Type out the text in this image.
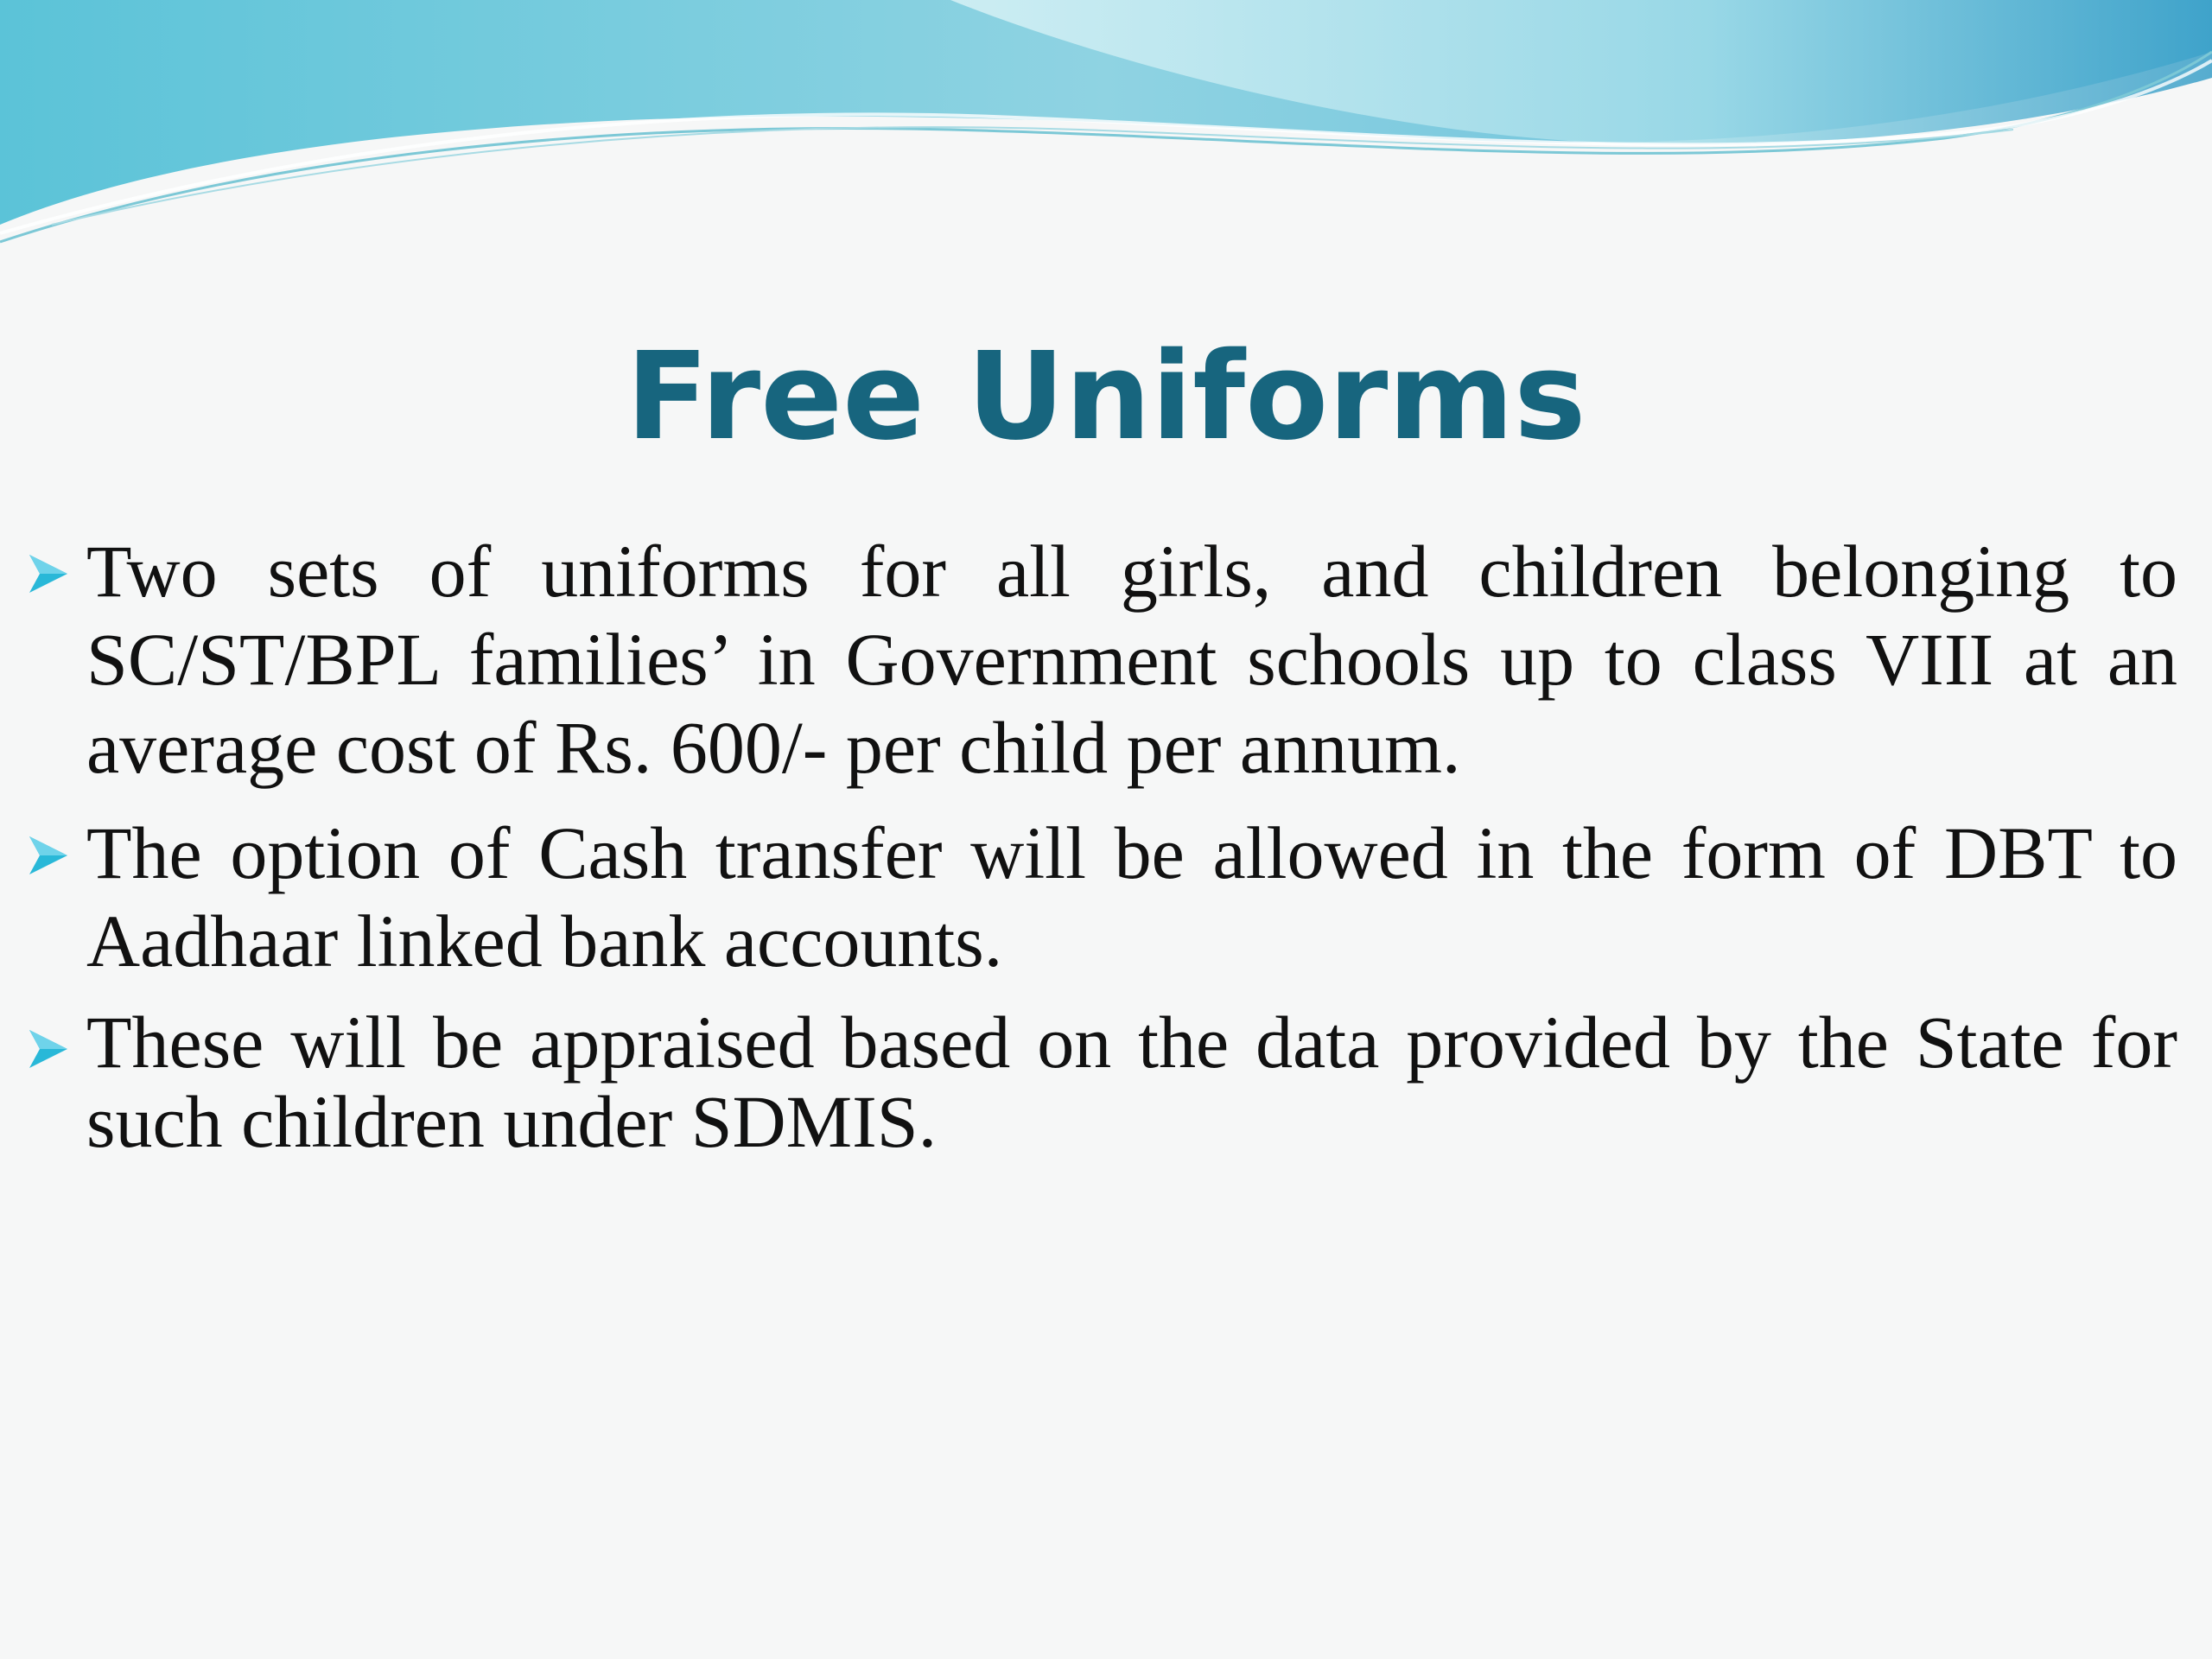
Free Uniforms
Two sets of uniforms for all girls, and children belonging to SC/ST/BPL families’ in Government schools up to class VIII at an average cost of Rs. 600/- per child per annum.
The option of Cash transfer will be allowed in the form of DBT to Aadhaar linked bank accounts.
These will be appraised based on the data provided by the State for such children under SDMIS.
